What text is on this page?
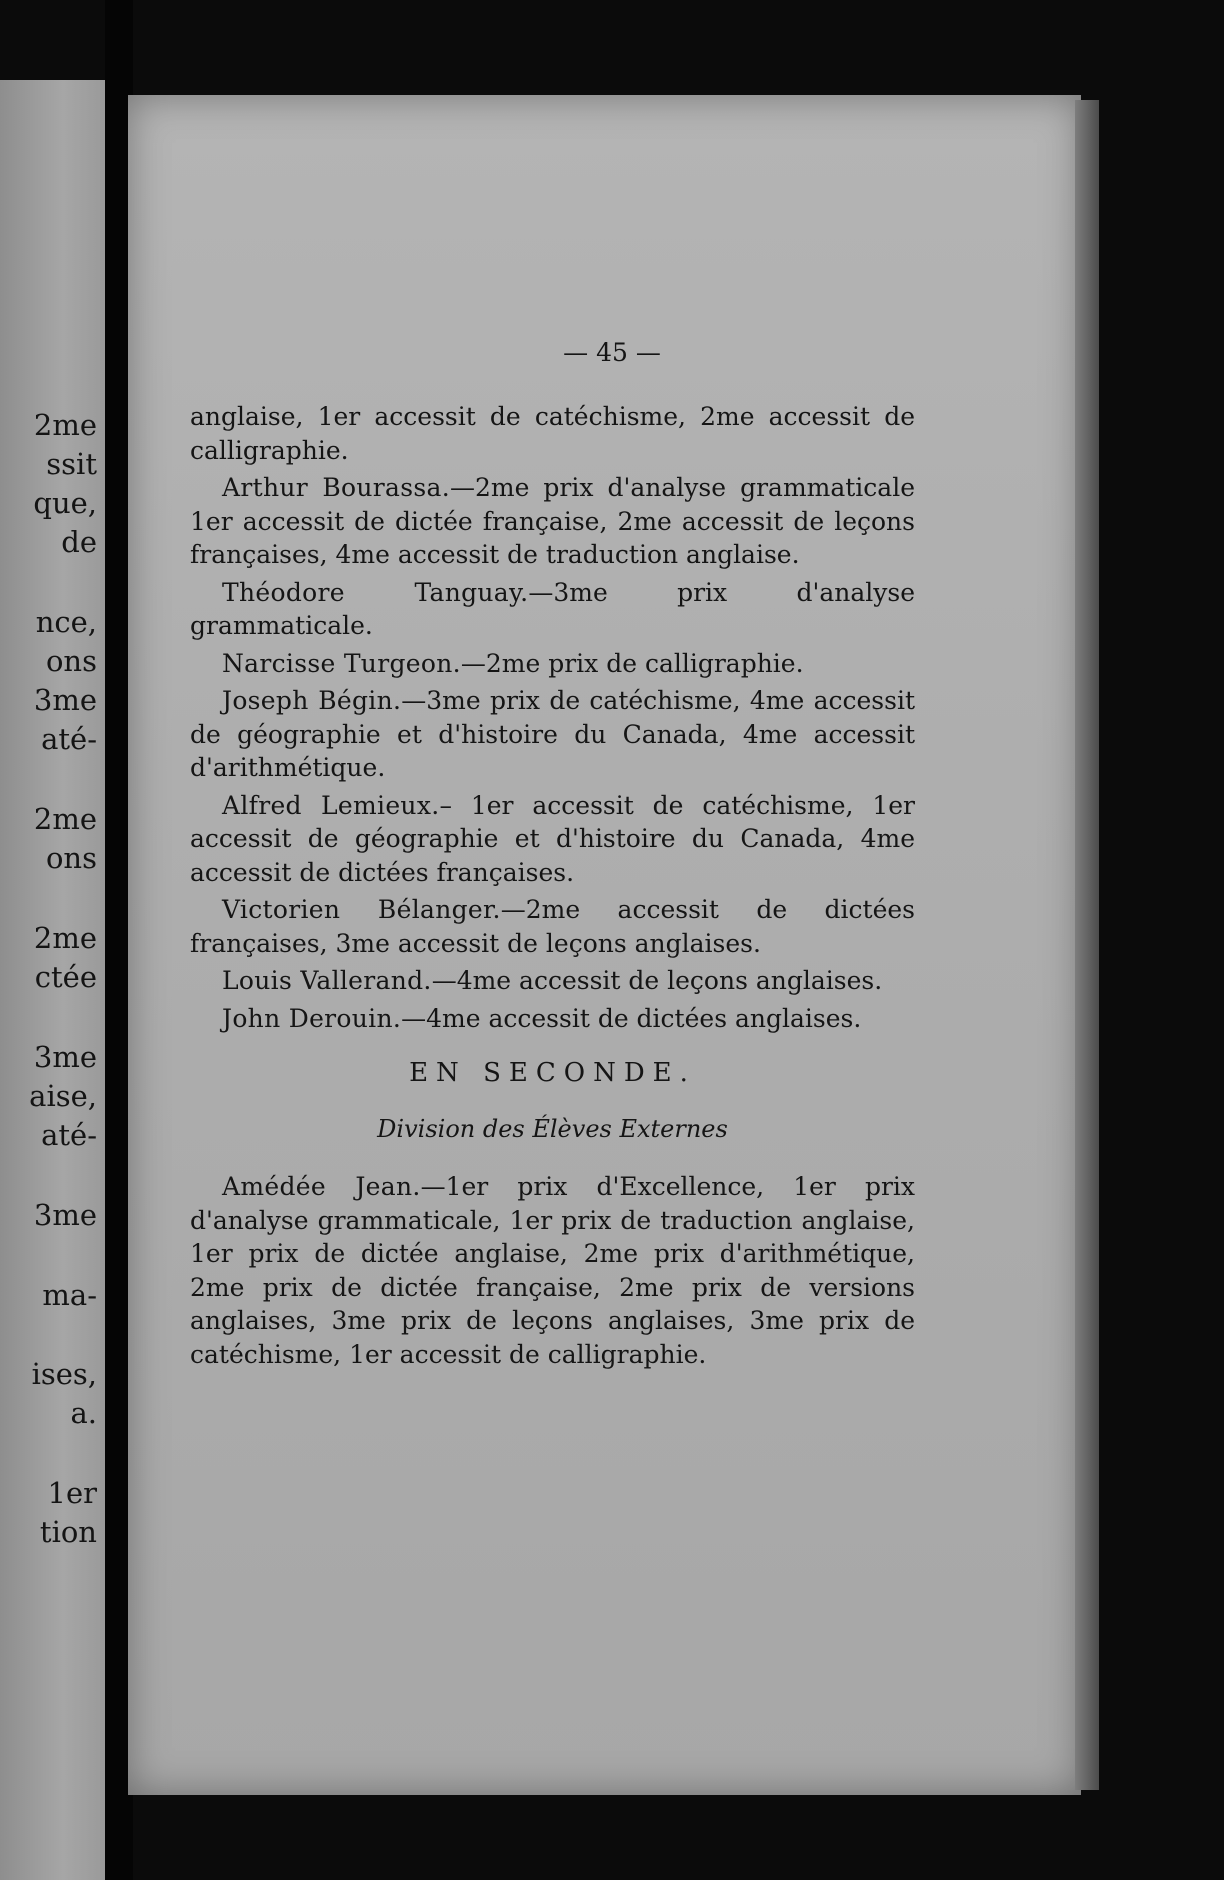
2me
ssit
que,
de
nce,
ons
3me
até-
2me
ons
2me
ctée
3me
aise,
até-
3me
ma-
ises,
a.
1er
tion
— 45 —

anglaise, 1er accessit de catéchisme, 2me accessit de calligraphie.

Arthur Bourassa.—2me prix d'analyse grammaticale 1er accessit de dictée française, 2me accessit de leçons françaises, 4me accessit de traduction anglaise.

Théodore Tanguay.—3me prix d'analyse grammaticale.

Narcisse Turgeon.—2me prix de calligraphie.

Joseph Bégin.—3me prix de catéchisme, 4me accessit de géographie et d'histoire du Canada, 4me accessit d'arithmétique.

Alfred Lemieux.– 1er accessit de catéchisme, 1er accessit de géographie et d'histoire du Canada, 4me accessit de dictées françaises.

Victorien Bélanger.—2me accessit de dictées françaises, 3me accessit de leçons anglaises.

Louis Vallerand.—4me accessit de leçons anglaises.

John Derouin.—4me accessit de dictées anglaises.

EN SECONDE.
Division des Élèves Externes

Amédée Jean.—1er prix d'Excellence, 1er prix d'analyse grammaticale, 1er prix de traduction anglaise, 1er prix de dictée anglaise, 2me prix d'arithmétique, 2me prix de dictée française, 2me prix de versions anglaises, 3me prix de leçons anglaises, 3me prix de catéchisme, 1er accessit de calligraphie.
